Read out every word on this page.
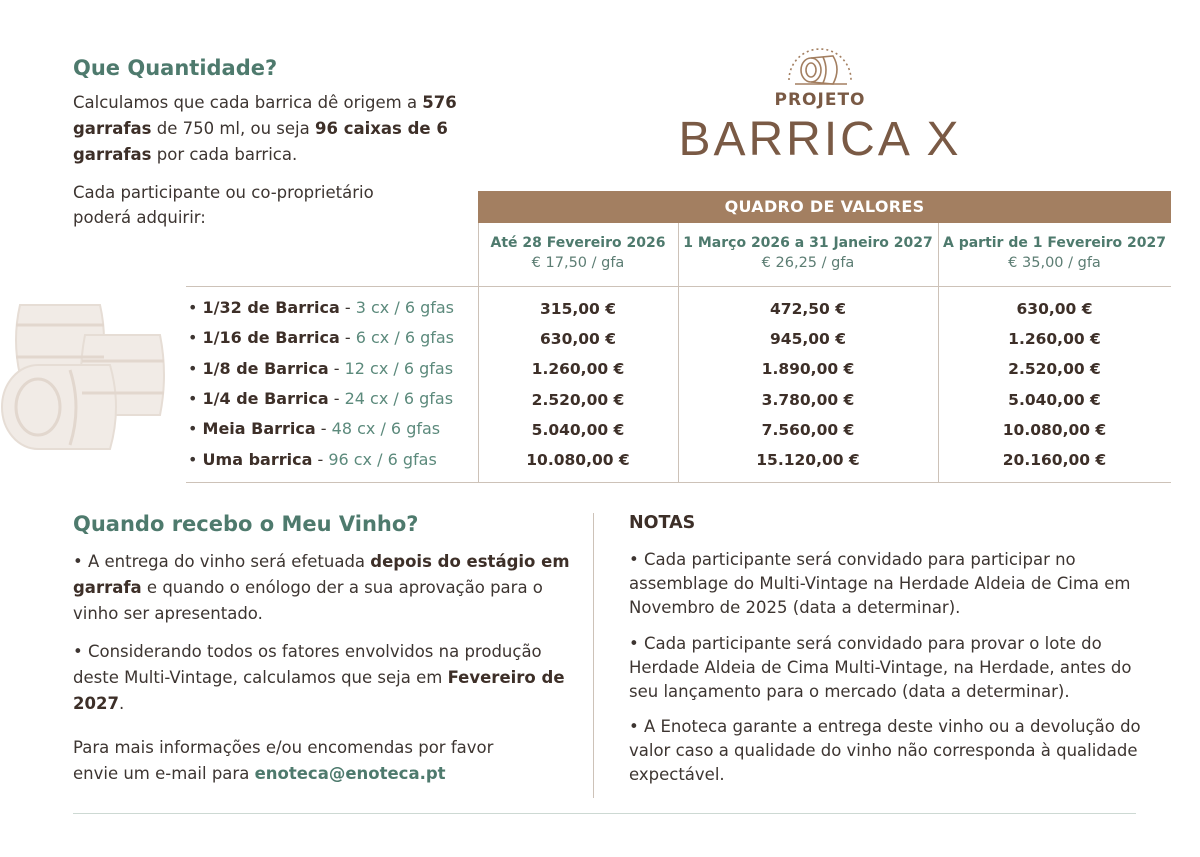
Que Quantidade?
Calculamos que cada barrica dê origem a 576 garrafas de 750 ml, ou seja 96 caixas de 6 garrafas por cada barrica.
Cada participante ou co-proprietário poderá adquirir:
PROJETO
BARRICA X
QUADRO DE VALORES
Até 28 Fevereiro 2026
€ 17,50 / gfa
315,00 €
630,00 €
1.260,00 €
2.520,00 €
5.040,00 €
10.080,00 €
1 Março 2026 a 31 Janeiro 2027
€ 26,25 / gfa
472,50 €
945,00 €
1.890,00 €
3.780,00 €
7.560,00 €
15.120,00 €
A partir de 1 Fevereiro 2027
€ 35,00 / gfa
630,00 €
1.260,00 €
2.520,00 €
5.040,00 €
10.080,00 €
20.160,00 €
• 1/32 de Barrica - 3 cx / 6 gfas
• 1/16 de Barrica - 6 cx / 6 gfas
• 1/8 de Barrica - 12 cx / 6 gfas
• 1/4 de Barrica - 24 cx / 6 gfas
• Meia Barrica - 48 cx / 6 gfas
• Uma barrica - 96 cx / 6 gfas
Quando recebo o Meu Vinho?
• A entrega do vinho será efetuada depois do estágio em garrafa e quando o enólogo der a sua aprovação para o vinho ser apresentado.
• Considerando todos os fatores envolvidos na produção deste Multi-Vintage, calculamos que seja em Fevereiro de 2027.
Para mais informações e/ou encomendas por favor envie um e-mail para enoteca@enoteca.pt
NOTAS
• Cada participante será convidado para participar no assemblage do Multi-Vintage na Herdade Aldeia de Cima em Novembro de 2025 (data a determinar).
• Cada participante será convidado para provar o lote do Herdade Aldeia de Cima Multi-Vintage, na Herdade, antes do seu lançamento para o mercado (data a determinar).
• A Enoteca garante a entrega deste vinho ou a devolução do valor caso a qualidade do vinho não corresponda à qualidade expectável.
